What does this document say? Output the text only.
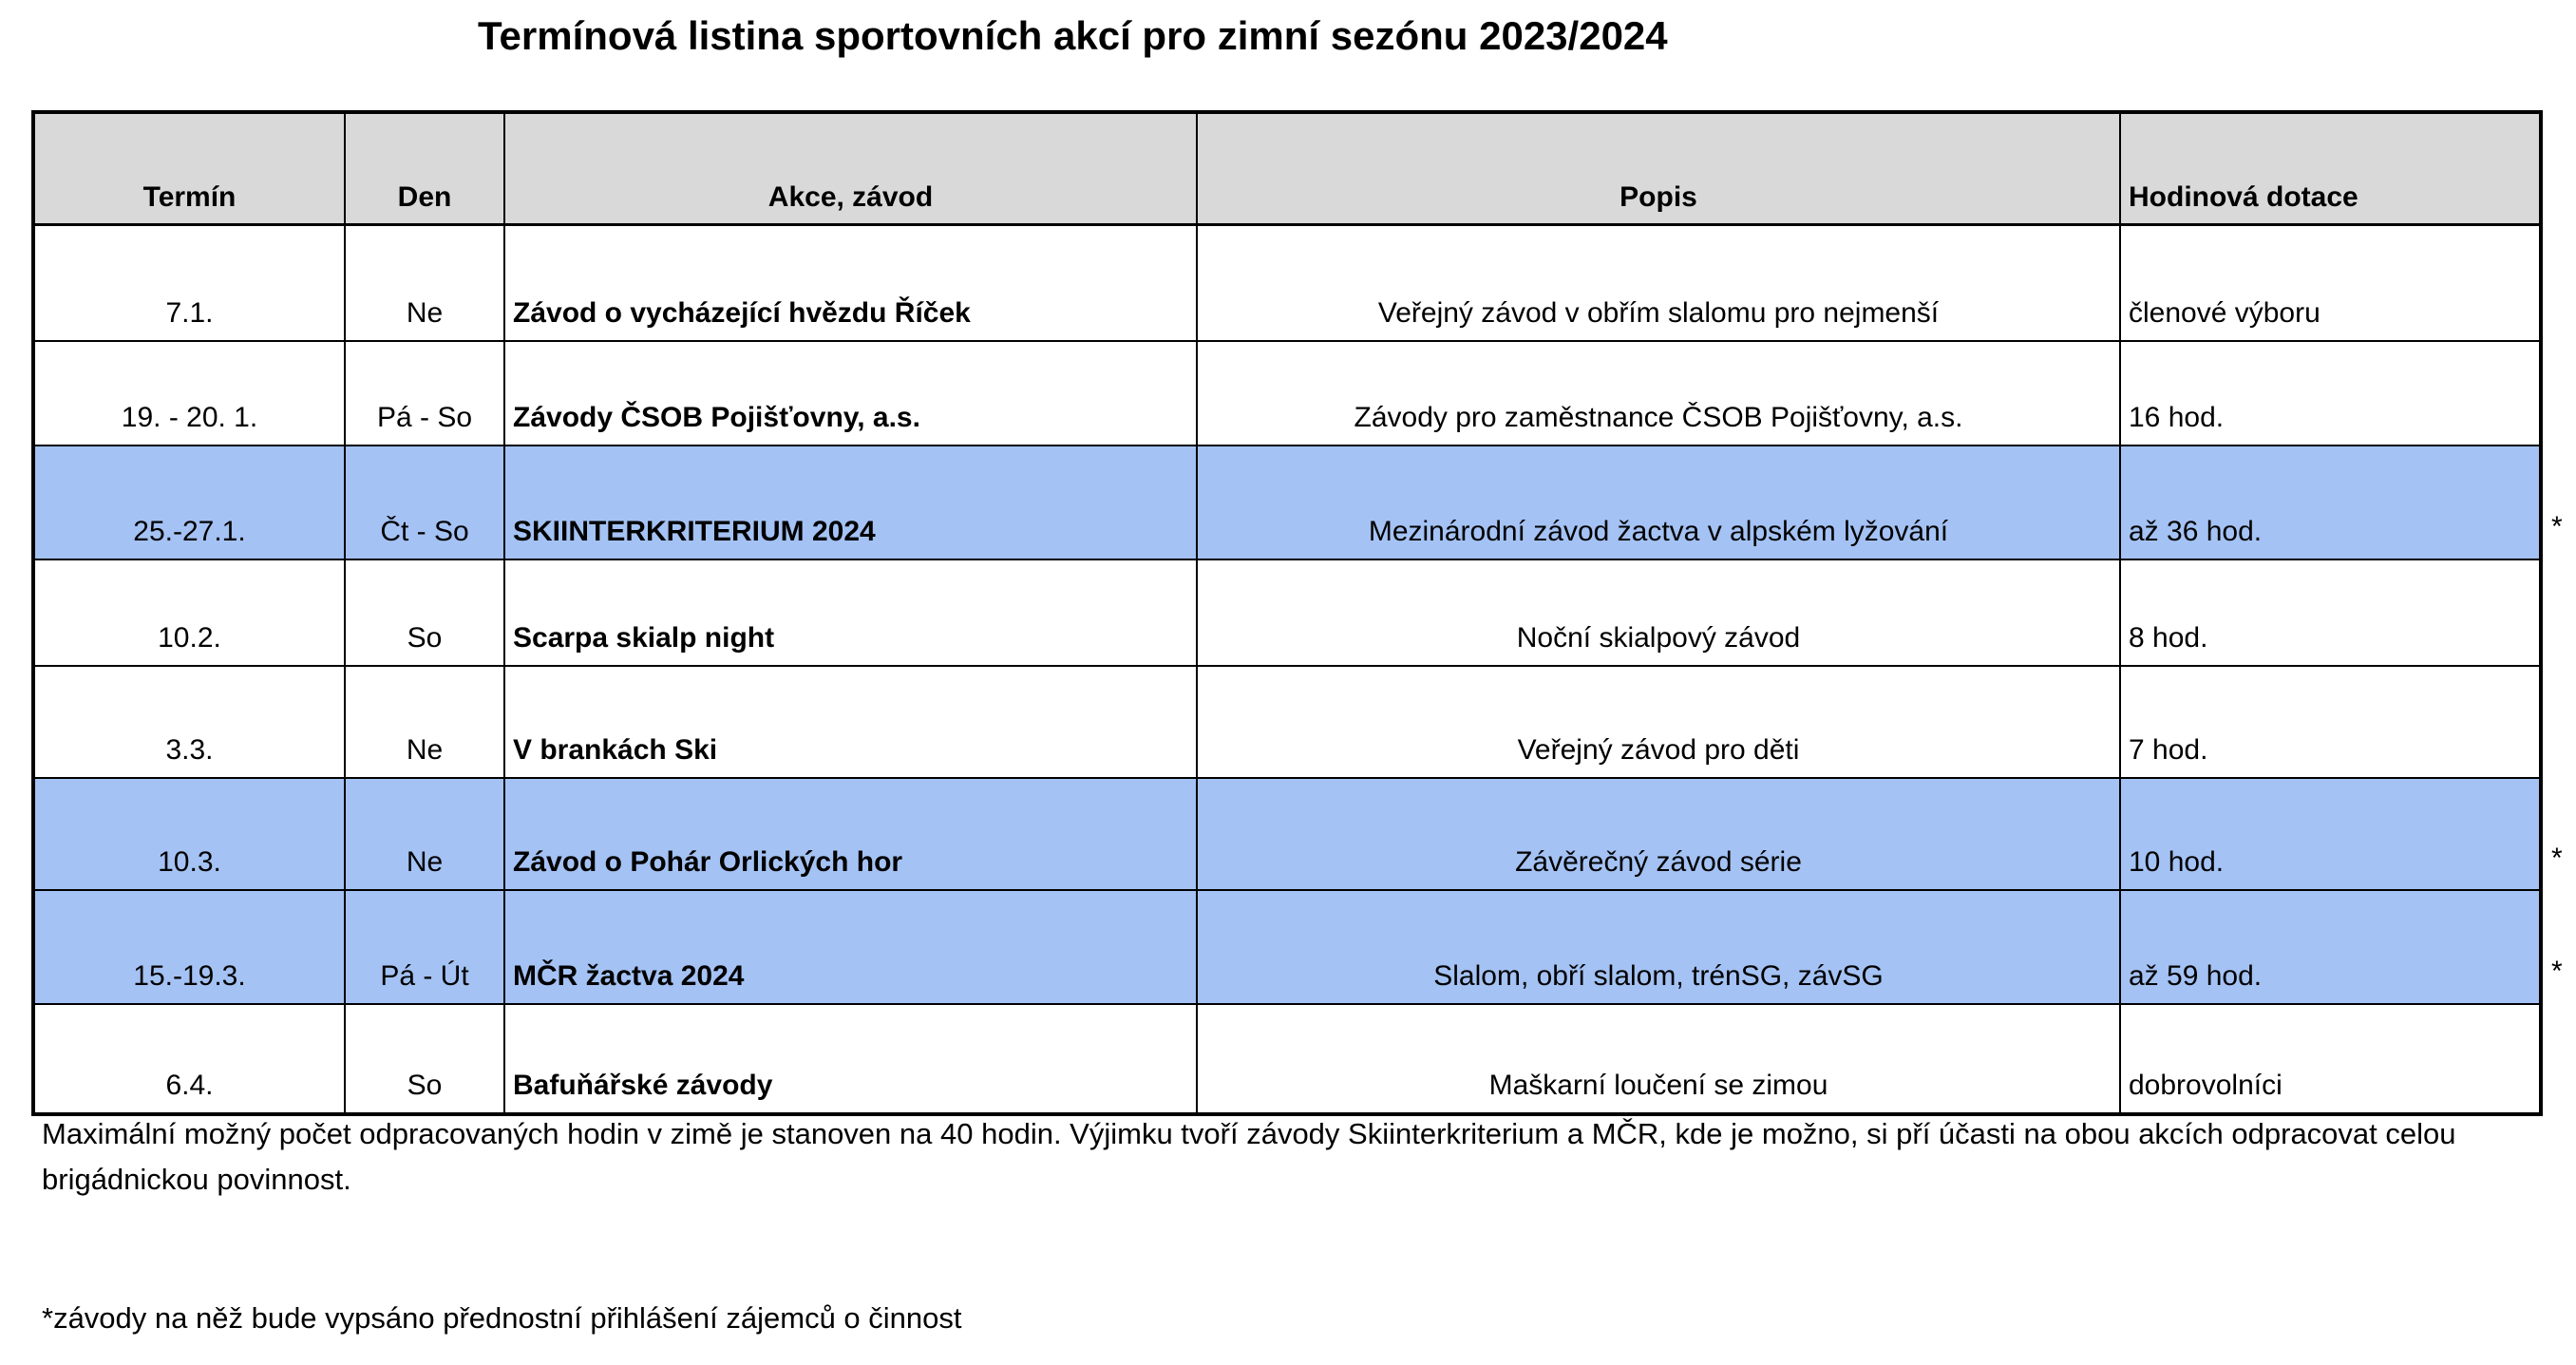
Termínová listina sportovních akcí pro zimní sezónu 2023/2024
Termín	Den	Akce, závod	Popis	Hodinová dotace
7.1.	Ne	Závod o vycházející hvězdu Říček	Veřejný závod v obřím slalomu pro nejmenší	členové výboru
19. - 20. 1.	Pá - So	Závody ČSOB Pojišťovny, a.s.	Závody pro zaměstnance ČSOB Pojišťovny, a.s.	16 hod.
25.-27.1.	Čt - So	SKIINTERKRITERIUM 2024	Mezinárodní závod žactva v alpském lyžování	až 36 hod.
10.2.	So	Scarpa skialp night	Noční skialpový závod	8 hod.
3.3.	Ne	V brankách Ski	Veřejný závod pro děti	7 hod.
10.3.	Ne	Závod o Pohár Orlických hor	Závěrečný závod série	10 hod.
15.-19.3.	Pá - Út	MČR žactva 2024	Slalom, obří slalom, trénSG, závSG	až 59 hod.
6.4.	So	Bafuňářské závody	Maškarní loučení se zimou	dobrovolníci
*
*
*
Maximální možný počet odpracovaných hodin v zimě je stanoven na 40 hodin. Výjimku tvoří závody Skiinterkriterium a MČR, kde je možno, si pří účasti na obou akcích odpracovat celou brigádnickou povinnost.
*závody na něž bude vypsáno přednostní přihlášení zájemců o činnost
